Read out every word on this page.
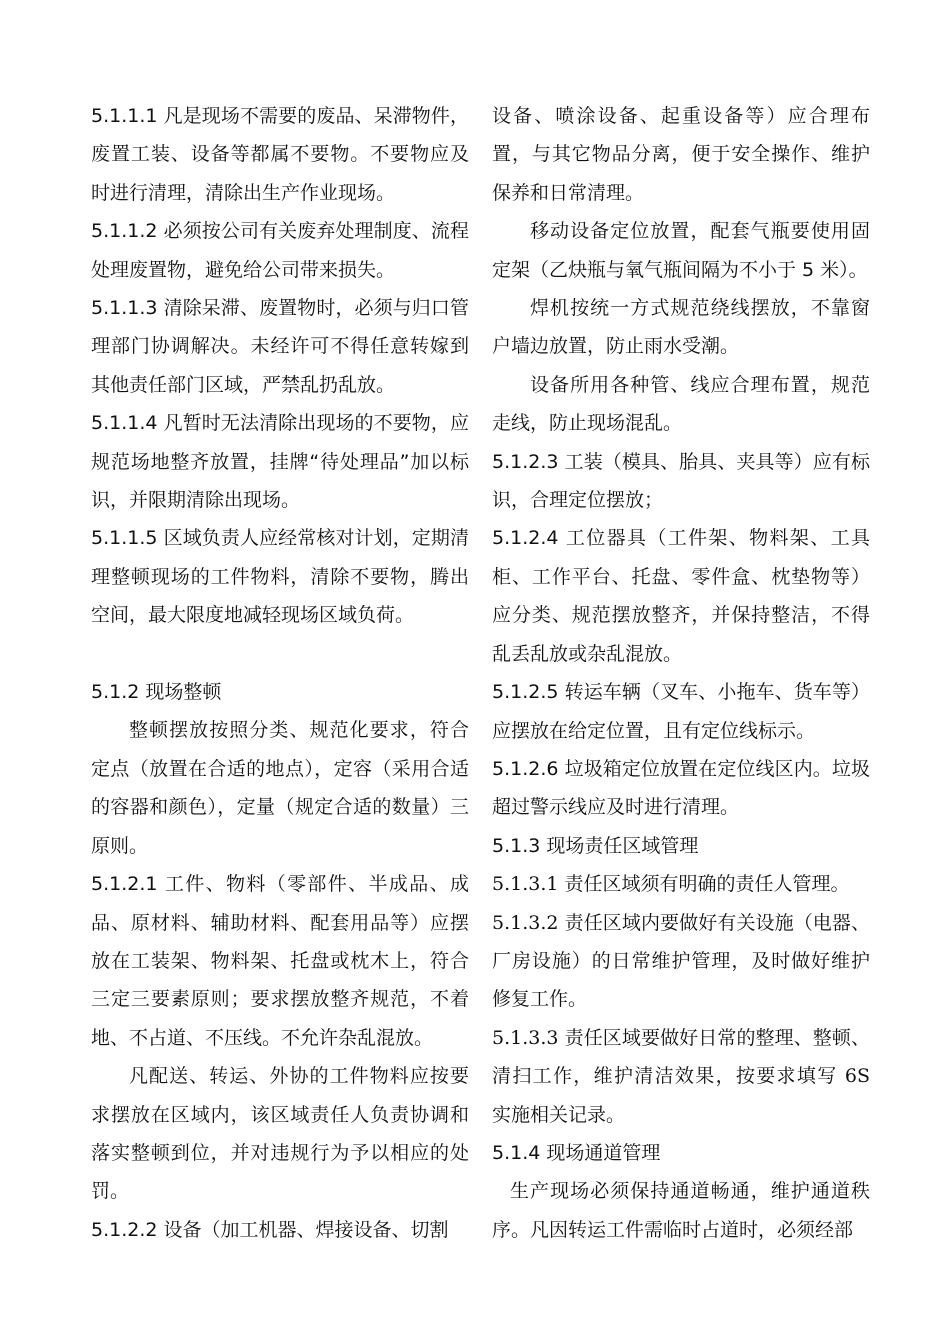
5.1.1.1 凡是现场不需要的废品、呆滞物件，废置工装、设备等都属不要物。不要物应及时进行清理，清除出生产作业现场。

5.1.1.2 必须按公司有关废弃处理制度、流程处理废置物，避免给公司带来损失。

5.1.1.3 清除呆滞、废置物时，必须与归口管理部门协调解决。未经许可不得任意转嫁到其他责任部门区域，严禁乱扔乱放。

5.1.1.4 凡暂时无法清除出现场的不要物，应规范场地整齐放置，挂牌“待处理品”加以标识，并限期清除出现场。

5.1.1.5 区域负责人应经常核对计划，定期清理整顿现场的工件物料，清除不要物，腾出空间，最大限度地减轻现场区域负荷。

5.1.2 现场整顿

整顿摆放按照分类、规范化要求，符合定点（放置在合适的地点），定容（采用合适的容器和颜色），定量（规定合适的数量）三原则。

5.1.2.1 工件、物料（零部件、半成品、成品、原材料、辅助材料、配套用品等）应摆放在工装架、物料架、托盘或枕木上，符合三定三要素原则；要求摆放整齐规范，不着地、不占道、不压线。不允许杂乱混放。

凡配送、转运、外协的工件物料应按要求摆放在区域内，该区域责任人负责协调和落实整顿到位，并对违规行为予以相应的处罚。

5.1.2.2 设备（加工机器、焊接设备、切割

设备、喷涂设备、起重设备等）应合理布置，与其它物品分离，便于安全操作、维护保养和日常清理。

移动设备定位放置，配套气瓶要使用固定架（乙炔瓶与氧气瓶间隔为不小于 5 米）。

焊机按统一方式规范绕线摆放，不靠窗户墙边放置，防止雨水受潮。

设备所用各种管、线应合理布置，规范走线，防止现场混乱。

5.1.2.3 工装（模具、胎具、夹具等）应有标识，合理定位摆放；

5.1.2.4 工位器具（工件架、物料架、工具柜、工作平台、托盘、零件盒、枕垫物等）应分类、规范摆放整齐，并保持整洁，不得乱丢乱放或杂乱混放。

5.1.2.5 转运车辆（叉车、小拖车、货车等）应摆放在给定位置，且有定位线标示。

5.1.2.6 垃圾箱定位放置在定位线区内。垃圾超过警示线应及时进行清理。

5.1.3 现场责任区域管理

5.1.3.1 责任区域须有明确的责任人管理。

5.1.3.2 责任区域内要做好有关设施（电器、厂房设施）的日常维护管理，及时做好维护修复工作。

5.1.3.3 责任区域要做好日常的整理、整顿、清扫工作，维护清洁效果，按要求填写 6S 实施相关记录。

5.1.4 现场通道管理

生产现场必须保持通道畅通，维护通道秩序。凡因转运工件需临时占道时，必须经部
